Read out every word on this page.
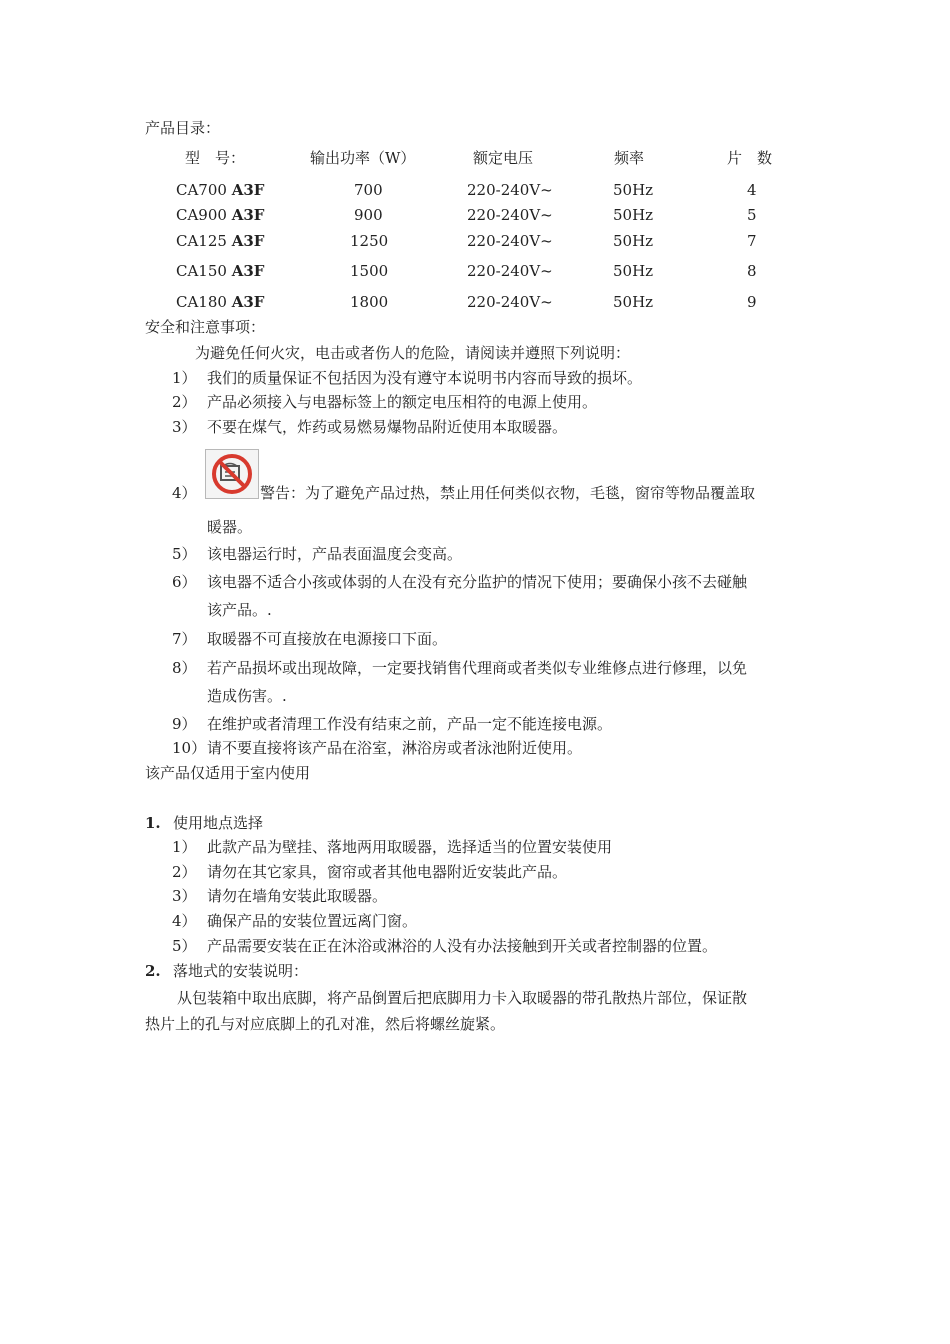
产品目录：
型　号：	输出功率（W）	额定电压	频率	片　数
CA700 A3F	700	220-240V~	50Hz	4
CA900 A3F	900	220-240V~	50Hz	5
CA125 A3F	1250	220-240V~	50Hz	7
CA150 A3F	1500	220-240V~	50Hz	8
CA180 A3F	1800	220-240V~	50Hz	9
安全和注意事项：
为避免任何火灾，电击或者伤人的危险，请阅读并遵照下列说明：
1） 我们的质量保证不包括因为没有遵守本说明书内容而导致的损坏。
2） 产品必须接入与电器标签上的额定电压相符的电源上使用。
3） 不要在煤气，炸药或易燃易爆物品附近使用本取暖器。
4）	警告：为了避免产品过热，禁止用任何类似衣物，毛毯，窗帘等物品覆盖取
暖器。
5） 该电器运行时，产品表面温度会变高。
6） 该电器不适合小孩或体弱的人在没有充分监护的情况下使用；要确保小孩不去碰触
该产品。.
7） 取暖器不可直接放在电源接口下面。
8） 若产品损坏或出现故障，一定要找销售代理商或者类似专业维修点进行修理，以免
造成伤害。.
9） 在维护或者清理工作没有结束之前，产品一定不能连接电源。
10） 请不要直接将该产品在浴室，淋浴房或者泳池附近使用。
该产品仅适用于室内使用
1. 使用地点选择
1） 此款产品为壁挂、落地两用取暖器，选择适当的位置安装使用
2） 请勿在其它家具，窗帘或者其他电器附近安装此产品。
3） 请勿在墙角安装此取暖器。
4） 确保产品的安装位置远离门窗。
5） 产品需要安装在正在沐浴或淋浴的人没有办法接触到开关或者控制器的位置。
2. 落地式的安装说明：
从包装箱中取出底脚，将产品倒置后把底脚用力卡入取暖器的带孔散热片部位，保证散
热片上的孔与对应底脚上的孔对准，然后将螺丝旋紧。
